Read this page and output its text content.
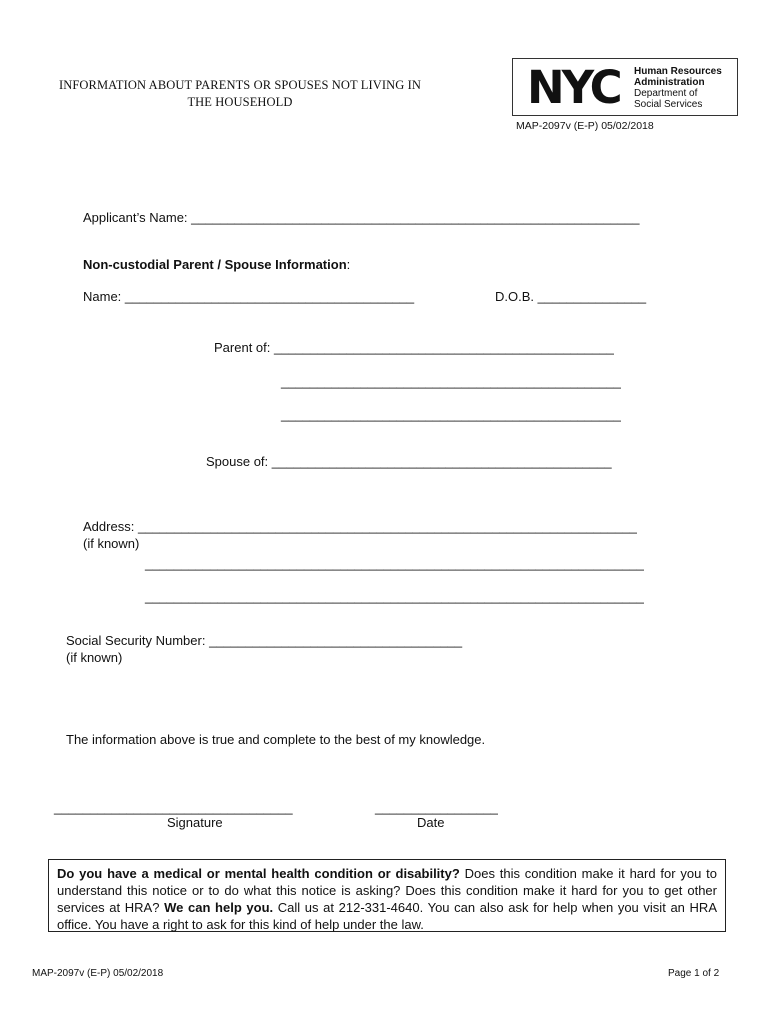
INFORMATION ABOUT PARENTS OR SPOUSES NOT LIVING IN
THE HOUSEHOLD	NYC Human Resources
Administration
Department of
Social Services
MAP-2097v (E-P) 05/02/2018
Applicant’s Name: ______________________________________________________________
Non-custodial Parent / Spouse Information:
Name: ________________________________________	D.O.B. _______________
Parent of: _______________________________________________
_______________________________________________
_______________________________________________
Spouse of: _______________________________________________
Address: _____________________________________________________________________
(if known)
_____________________________________________________________________
_____________________________________________________________________
Social Security Number: ___________________________________
(if known)
The information above is true and complete to the best of my knowledge.
_________________________________
Signature
_________________
Date
Do you have a medical or mental health condition or disability? Does this condition make it hard for you to understand this notice or to do what this notice is asking? Does this condition make it hard for you to get other services at HRA? We can help you. Call us at 212-331-4640. You can also ask for help when you visit an HRA office. You have a right to ask for this kind of help under the law.
MAP-2097v (E-P) 05/02/2018	Page 1 of 2
